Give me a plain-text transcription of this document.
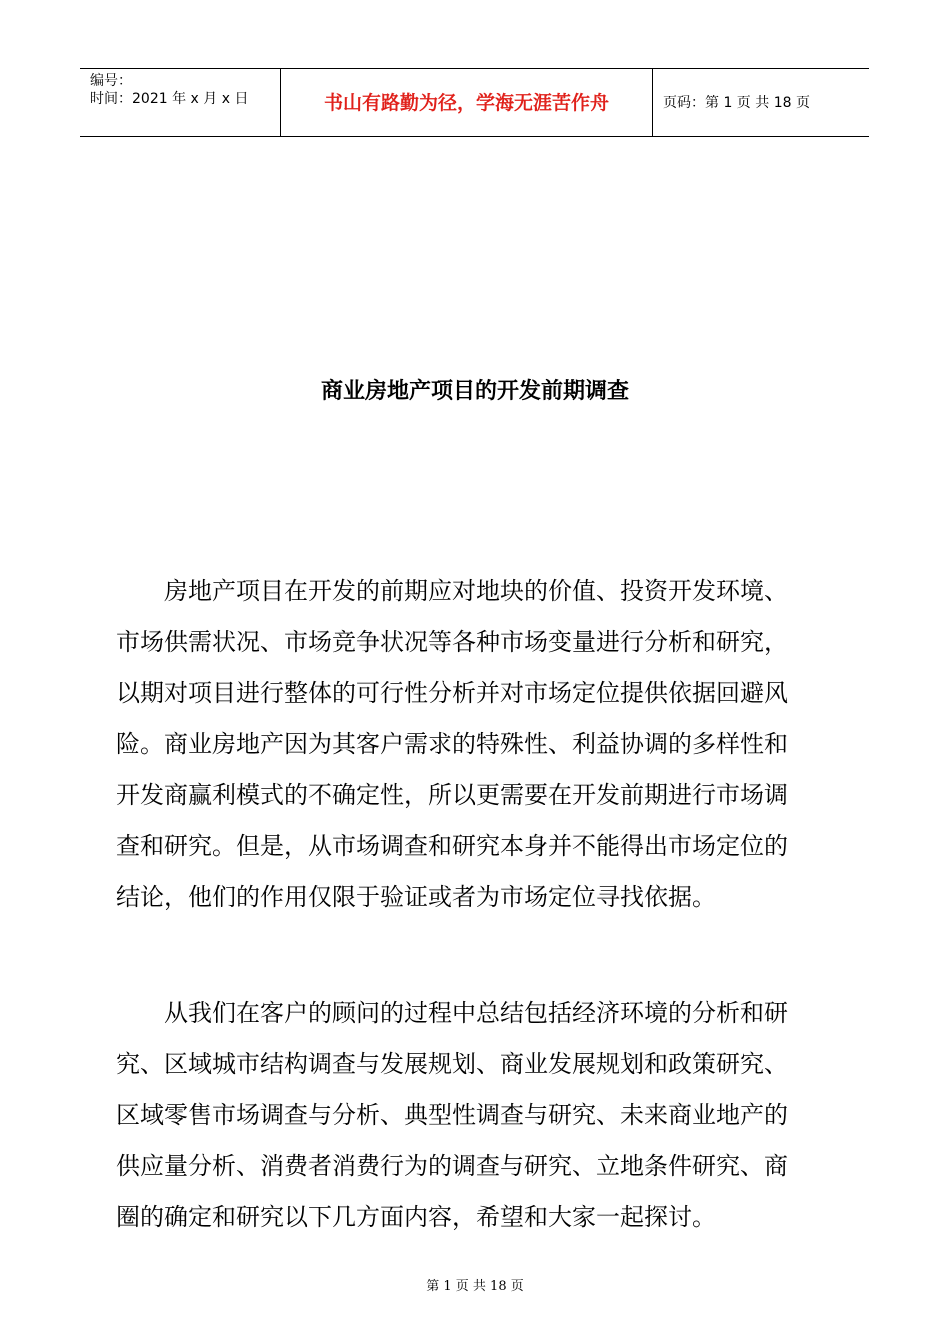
编号：
时间：2021 年 x 月 x 日	书山有路勤为径，学海无涯苦作舟	页码：第 1 页 共 18 页
商业房地产项目的开发前期调查
房地产项目在开发的前期应对地块的价值、投资开发环境、
市场供需状况、市场竞争状况等各种市场变量进行分析和研究，
以期对项目进行整体的可行性分析并对市场定位提供依据回避风
险。商业房地产因为其客户需求的特殊性、利益协调的多样性和
开发商赢利模式的不确定性，所以更需要在开发前期进行市场调
查和研究。但是，从市场调查和研究本身并不能得出市场定位的
结论，他们的作用仅限于验证或者为市场定位寻找依据。
从我们在客户的顾问的过程中总结包括经济环境的分析和研
究、区域城市结构调查与发展规划、商业发展规划和政策研究、
区域零售市场调查与分析、典型性调查与研究、未来商业地产的
供应量分析、消费者消费行为的调查与研究、立地条件研究、商
圈的确定和研究以下几方面内容，希望和大家一起探讨。
第 1 页 共 18 页
